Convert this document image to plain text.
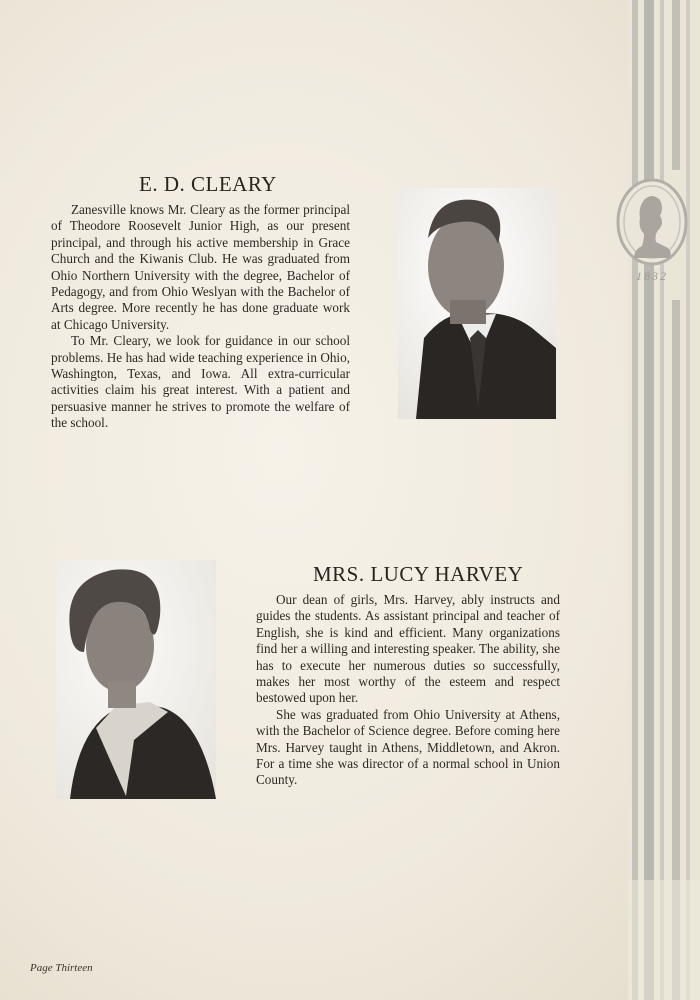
1832
E. D. CLEARY

Zanesville knows Mr. Cleary as the former principal of Theodore Roosevelt Junior High, as our present principal, and through his active membership in Grace Church and the Kiwanis Club. He was graduated from Ohio Northern University with the degree, Bachelor of Pedagogy, and from Ohio Weslyan with the Bachelor of Arts degree. More recently he has done graduate work at Chicago University.

To Mr. Cleary, we look for guidance in our school problems. He has had wide teaching experience in Ohio, Washington, Texas, and Iowa. All extra-curricular activities claim his great interest. With a patient and persuasive manner he strives to promote the welfare of the school.

MRS. LUCY HARVEY

Our dean of girls, Mrs. Harvey, ably instructs and guides the students. As assistant principal and teacher of English, she is kind and efficient. Many organizations find her a willing and interesting speaker. The ability, she has to execute her numerous duties so successfully, makes her most worthy of the esteem and respect bestowed upon her.

She was graduated from Ohio University at Athens, with the Bachelor of Science degree. Before coming here Mrs. Harvey taught in Athens, Middletown, and Akron. For a time she was director of a normal school in Union County.

Page Thirteen
